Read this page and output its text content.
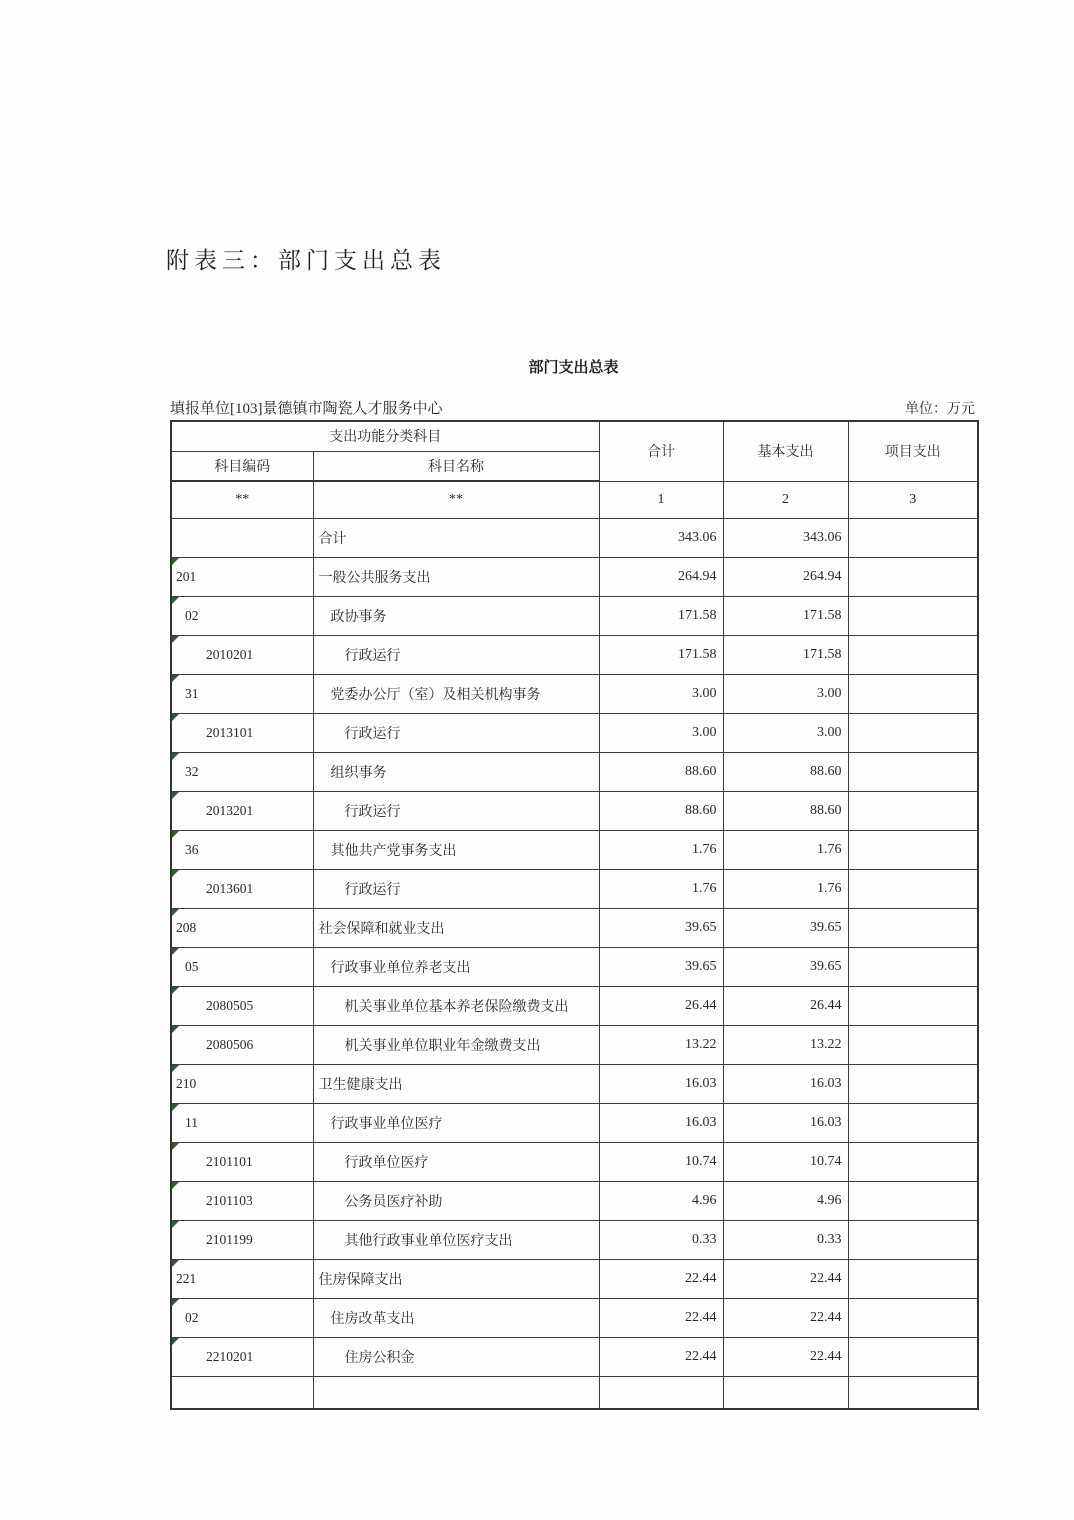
附表三：部门支出总表
部门支出总表
填报单位[103]景德镇市陶瓷人才服务中心	单位：万元
支出功能分类科目		合计	基本支出	项目支出
科目编码	科目名称			
**	**	1	2	3
	合计	343.06	343.06	
201	一般公共服务支出	264.94	264.94	
02	政协事务	171.58	171.58	
2010201	行政运行	171.58	171.58	
31	党委办公厅（室）及相关机构事务	3.00	3.00	
2013101	行政运行	3.00	3.00	
32	组织事务	88.60	88.60	
2013201	行政运行	88.60	88.60	
36	其他共产党事务支出	1.76	1.76	
2013601	行政运行	1.76	1.76	
208	社会保障和就业支出	39.65	39.65	
05	行政事业单位养老支出	39.65	39.65	
2080505	机关事业单位基本养老保险缴费支出	26.44	26.44	
2080506	机关事业单位职业年金缴费支出	13.22	13.22	
210	卫生健康支出	16.03	16.03	
11	行政事业单位医疗	16.03	16.03	
2101101	行政单位医疗	10.74	10.74	
2101103	公务员医疗补助	4.96	4.96	
2101199	其他行政事业单位医疗支出	0.33	0.33	
221	住房保障支出	22.44	22.44	
02	住房改革支出	22.44	22.44	
2210201	住房公积金	22.44	22.44	
